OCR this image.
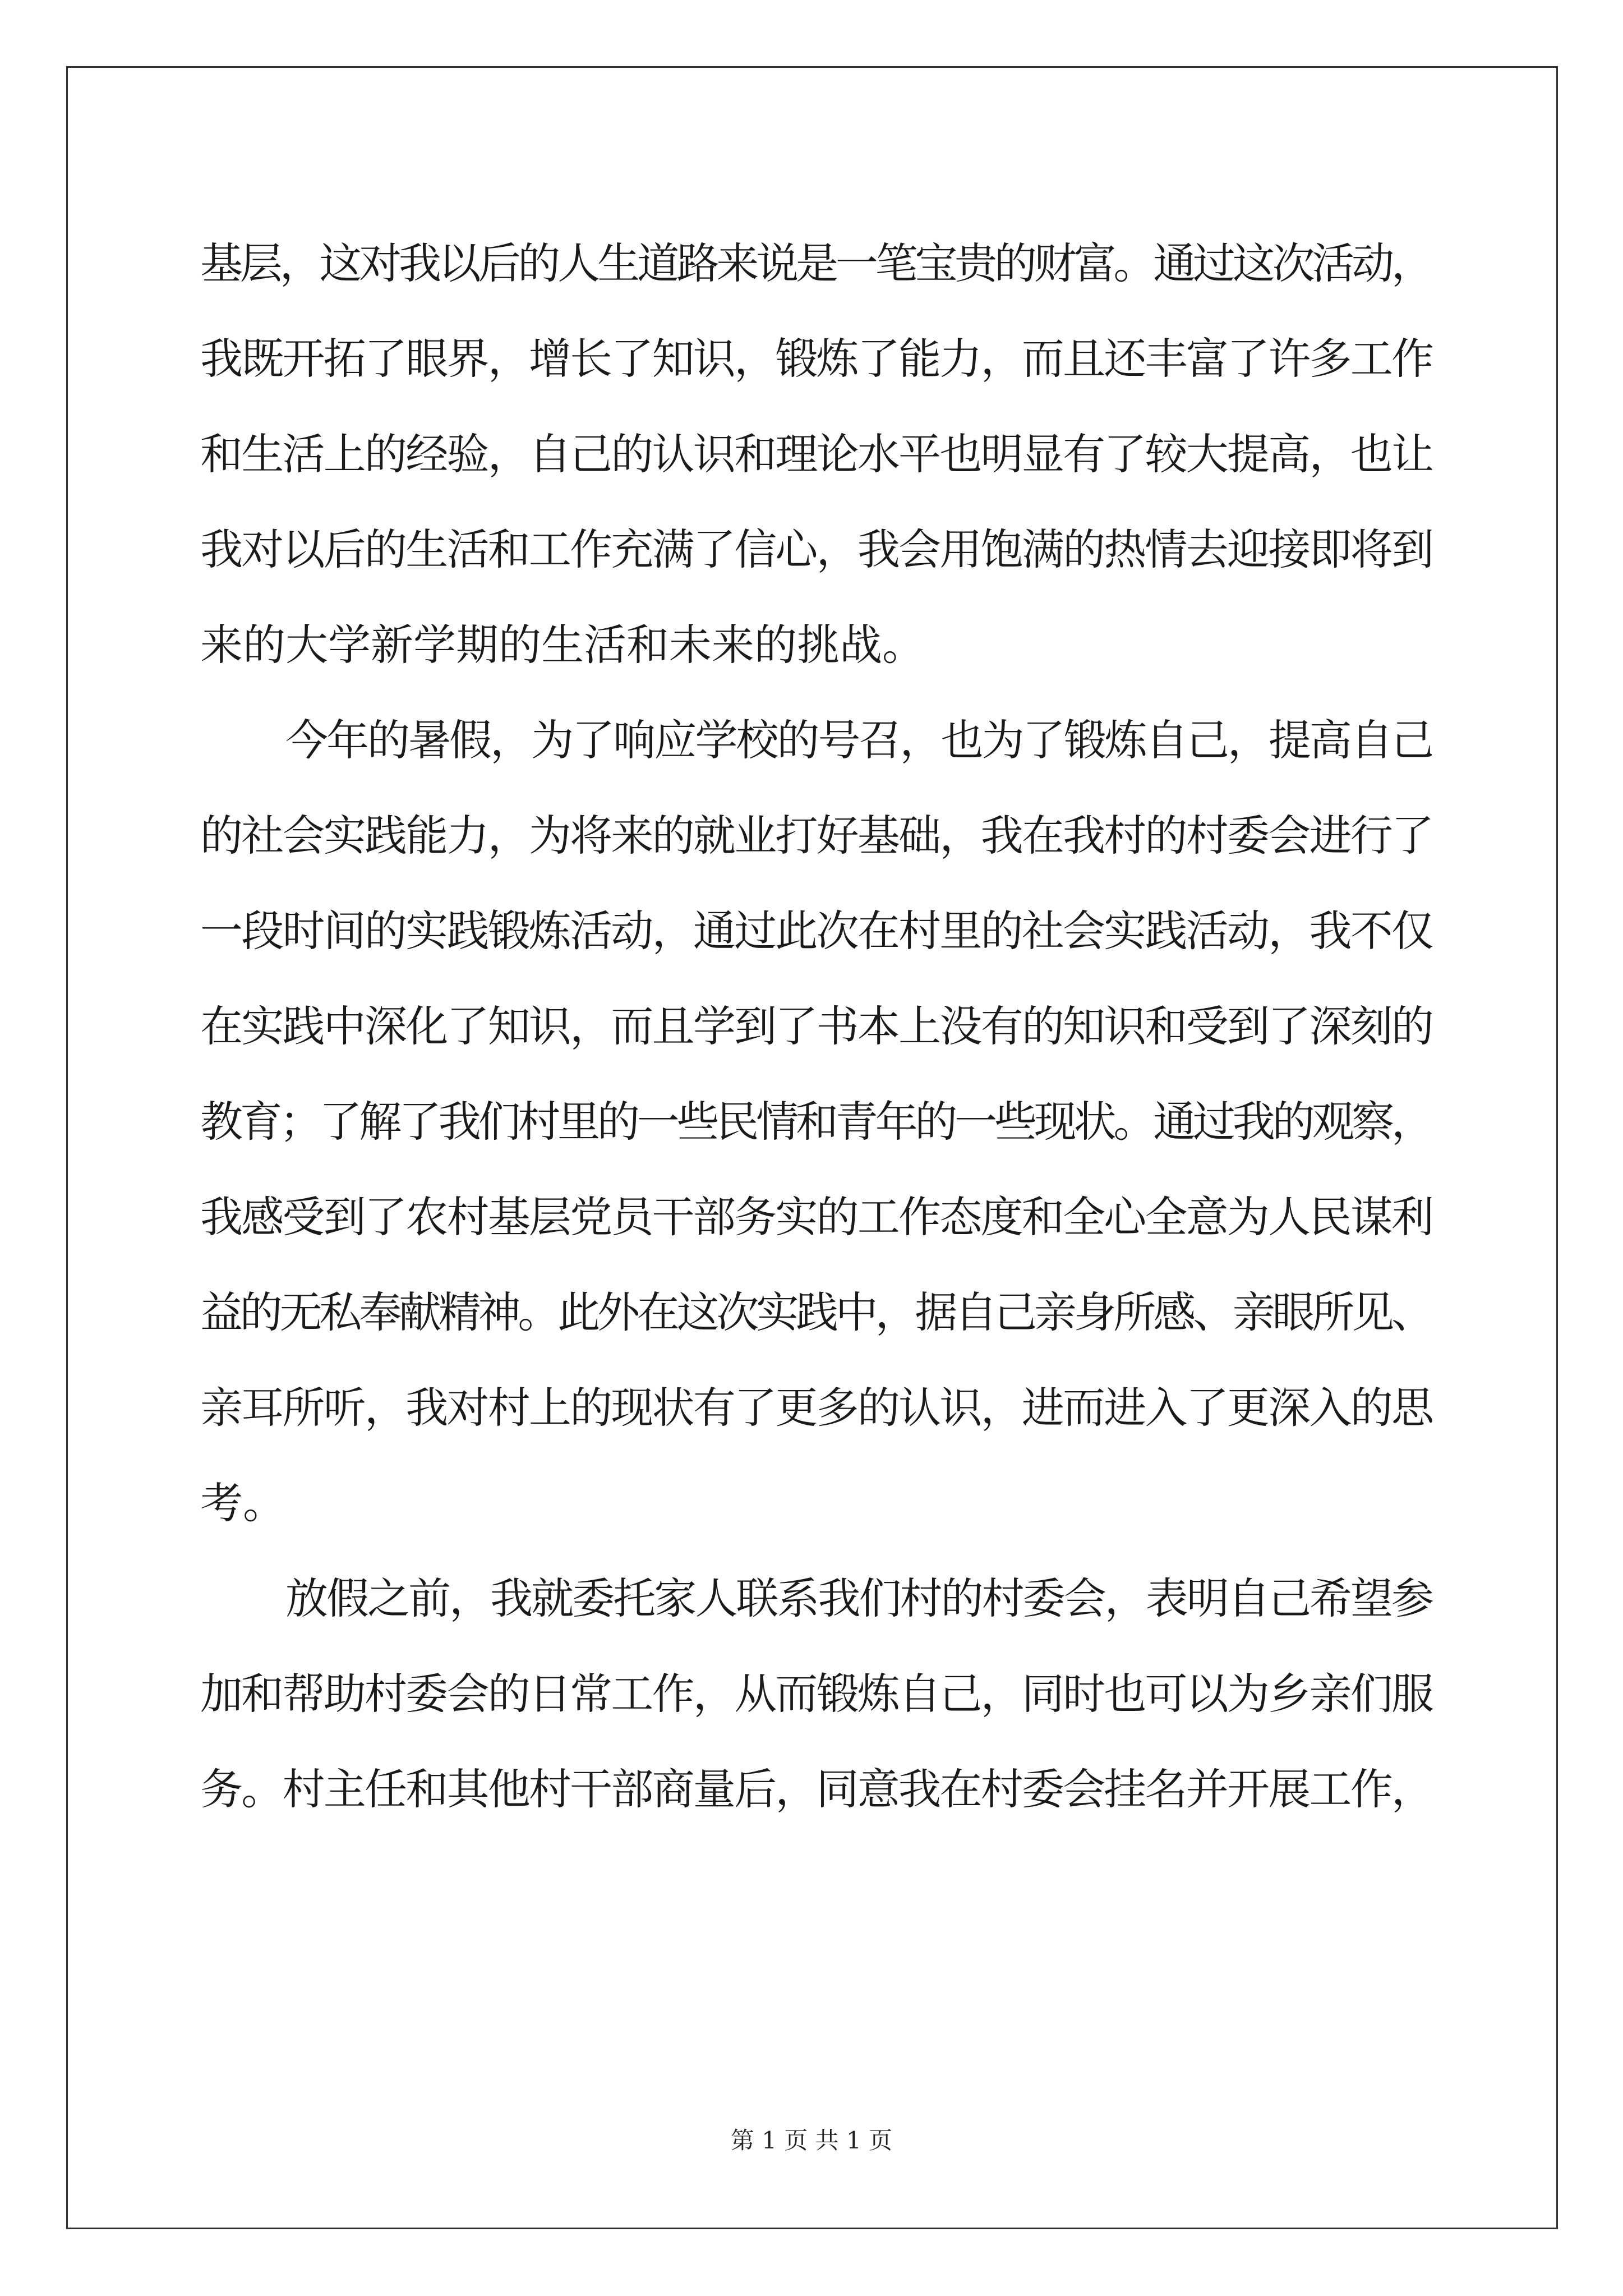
基层，这对我以后的人生道路来说是一笔宝贵的财富。通过这次活动，
我既开拓了眼界，增长了知识，锻炼了能力，而且还丰富了许多工作
和生活上的经验，自己的认识和理论水平也明显有了较大提高，也让
我对以后的生活和工作充满了信心，我会用饱满的热情去迎接即将到
来的大学新学期的生活和未来的挑战。
今年的暑假，为了响应学校的号召，也为了锻炼自己，提高自己
的社会实践能力，为将来的就业打好基础，我在我村的村委会进行了
一段时间的实践锻炼活动，通过此次在村里的社会实践活动，我不仅
在实践中深化了知识，而且学到了书本上没有的知识和受到了深刻的
教育；了解了我们村里的一些民情和青年的一些现状。通过我的观察，
我感受到了农村基层党员干部务实的工作态度和全心全意为人民谋利
益的无私奉献精神。此外在这次实践中，据自己亲身所感、亲眼所见、
亲耳所听，我对村上的现状有了更多的认识，进而进入了更深入的思
考。
放假之前，我就委托家人联系我们村的村委会，表明自己希望参
加和帮助村委会的日常工作，从而锻炼自己，同时也可以为乡亲们服
务。村主任和其他村干部商量后，同意我在村委会挂名并开展工作，
第 1 页 共 1 页
